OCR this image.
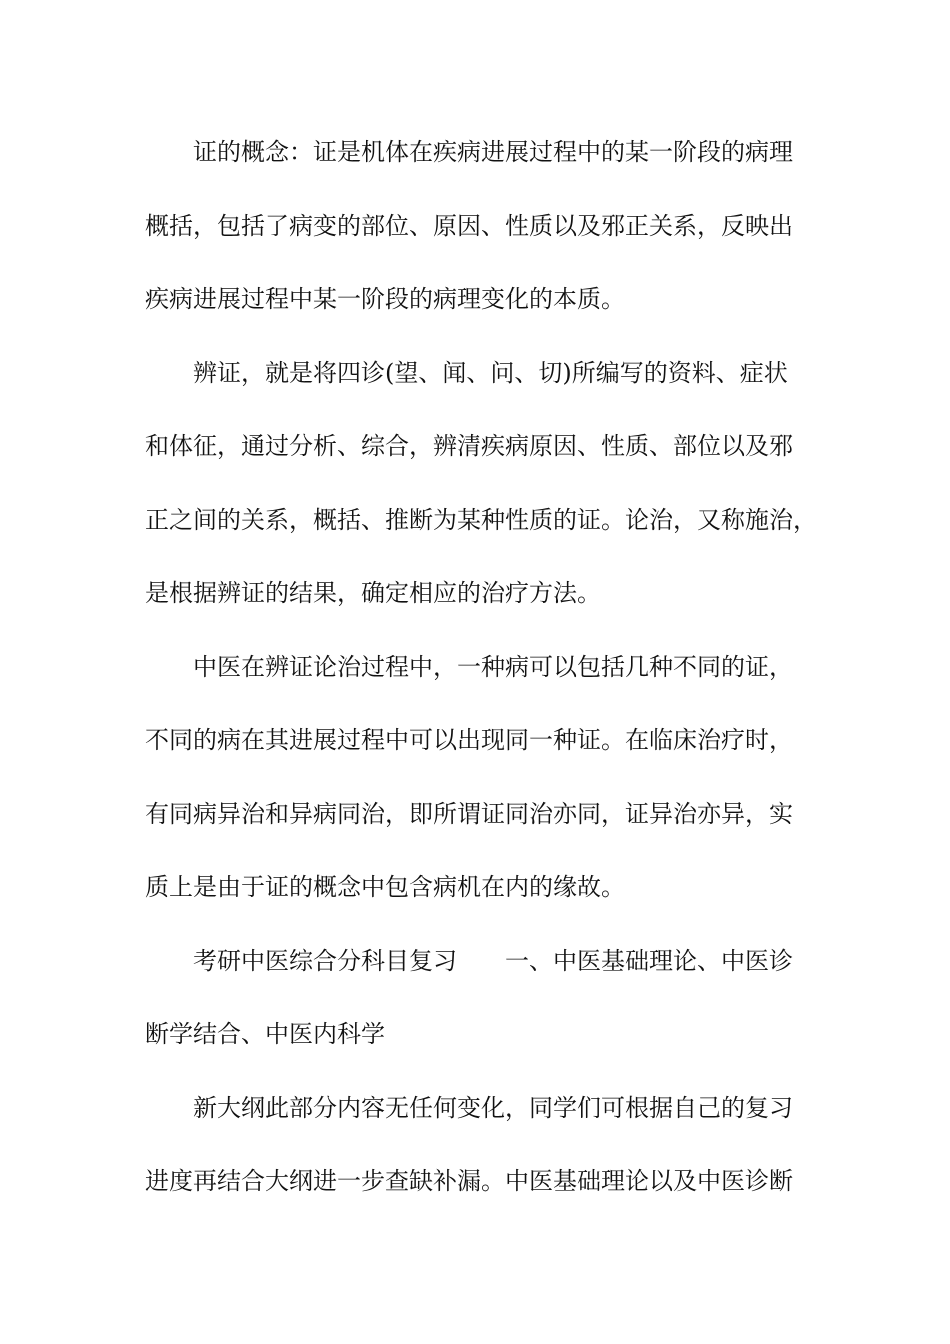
证的概念：证是机体在疾病进展过程中的某一阶段的病理
概括，包括了病变的部位、原因、性质以及邪正关系，反映出
疾病进展过程中某一阶段的病理变化的本质。

辨证，就是将四诊(望、闻、问、切)所编写的资料、症状
和体征，通过分析、综合，辨清疾病原因、性质、部位以及邪
正之间的关系，概括、推断为某种性质的证。论治，又称施治，
是根据辨证的结果，确定相应的治疗方法。

中医在辨证论治过程中，一种病可以包括几种不同的证，
不同的病在其进展过程中可以出现同一种证。在临床治疗时，
有同病异治和异病同治，即所谓证同治亦同，证异治亦异，实
质上是由于证的概念中包含病机在内的缘故。

考研中医综合分科目复习　　一、中医基础理论、中医诊
断学结合、中医内科学

新大纲此部分内容无任何变化，同学们可根据自己的复习
进度再结合大纲进一步查缺补漏。中医基础理论以及中医诊断
